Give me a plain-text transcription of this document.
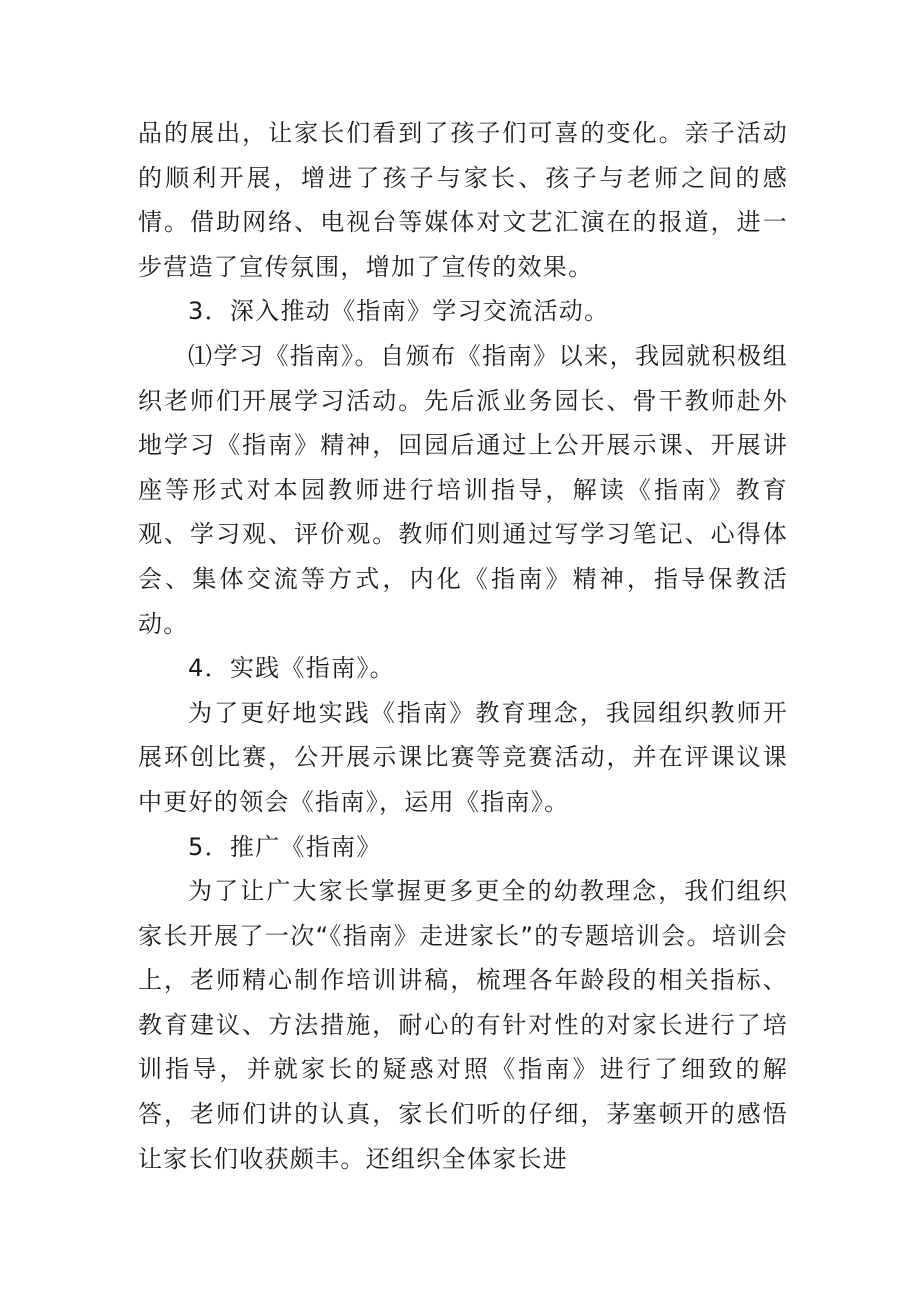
品的展出，让家长们看到了孩子们可喜的变化。亲子活动的顺利开展，增进了孩子与家长、孩子与老师之间的感情。借助网络、电视台等媒体对文艺汇演在的报道，进一步营造了宣传氛围，增加了宣传的效果。

3．深入推动《指南》学习交流活动。

⑴学习《指南》。自颁布《指南》以来，我园就积极组织老师们开展学习活动。先后派业务园长、骨干教师赴外地学习《指南》精神，回园后通过上公开展示课、开展讲座等形式对本园教师进行培训指导，解读《指南》教育观、学习观、评价观。教师们则通过写学习笔记、心得体会、集体交流等方式，内化《指南》精神，指导保教活动。

4．实践《指南》。

为了更好地实践《指南》教育理念，我园组织教师开展环创比赛，公开展示课比赛等竞赛活动，并在评课议课中更好的领会《指南》，运用《指南》。

5．推广《指南》

为了让广大家长掌握更多更全的幼教理念，我们组织家长开展了一次“《指南》走进家长”的专题培训会。培训会上，老师精心制作培训讲稿，梳理各年龄段的相关指标、教育建议、方法措施，耐心的有针对性的对家长进行了培训指导，并就家长的疑惑对照《指南》进行了细致的解答，老师们讲的认真，家长们听的仔细，茅塞顿开的感悟让家长们收获颇丰。还组织全体家长进
